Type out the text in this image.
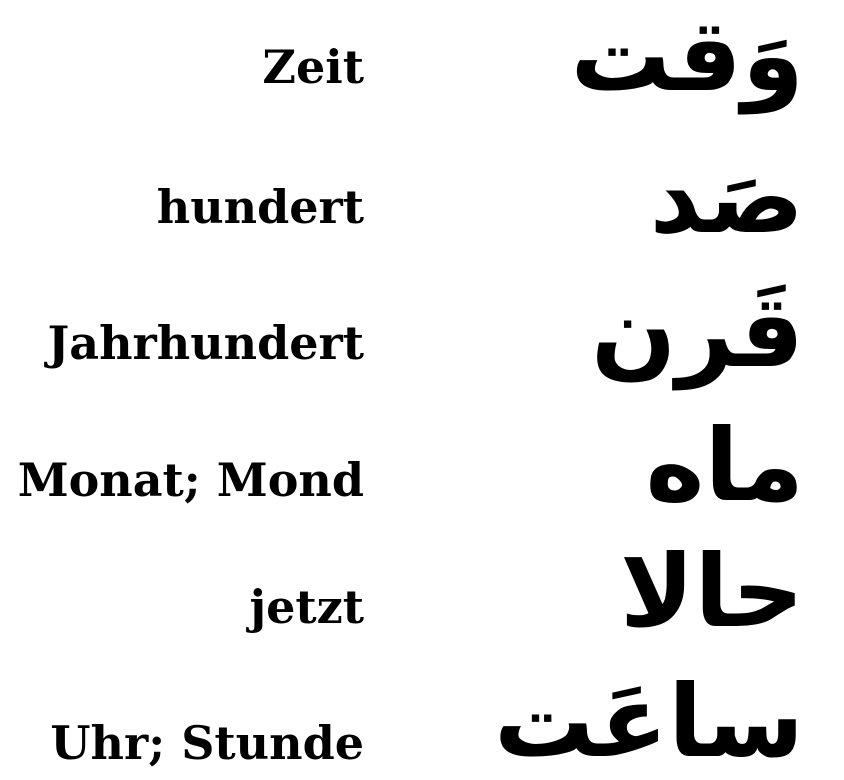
Zeit وَقت
hundert	صَد
Jahrhundert قَرن
Monat; Mond	ماه
jetzt	حالا
Uhr; Stunde ساعَت
